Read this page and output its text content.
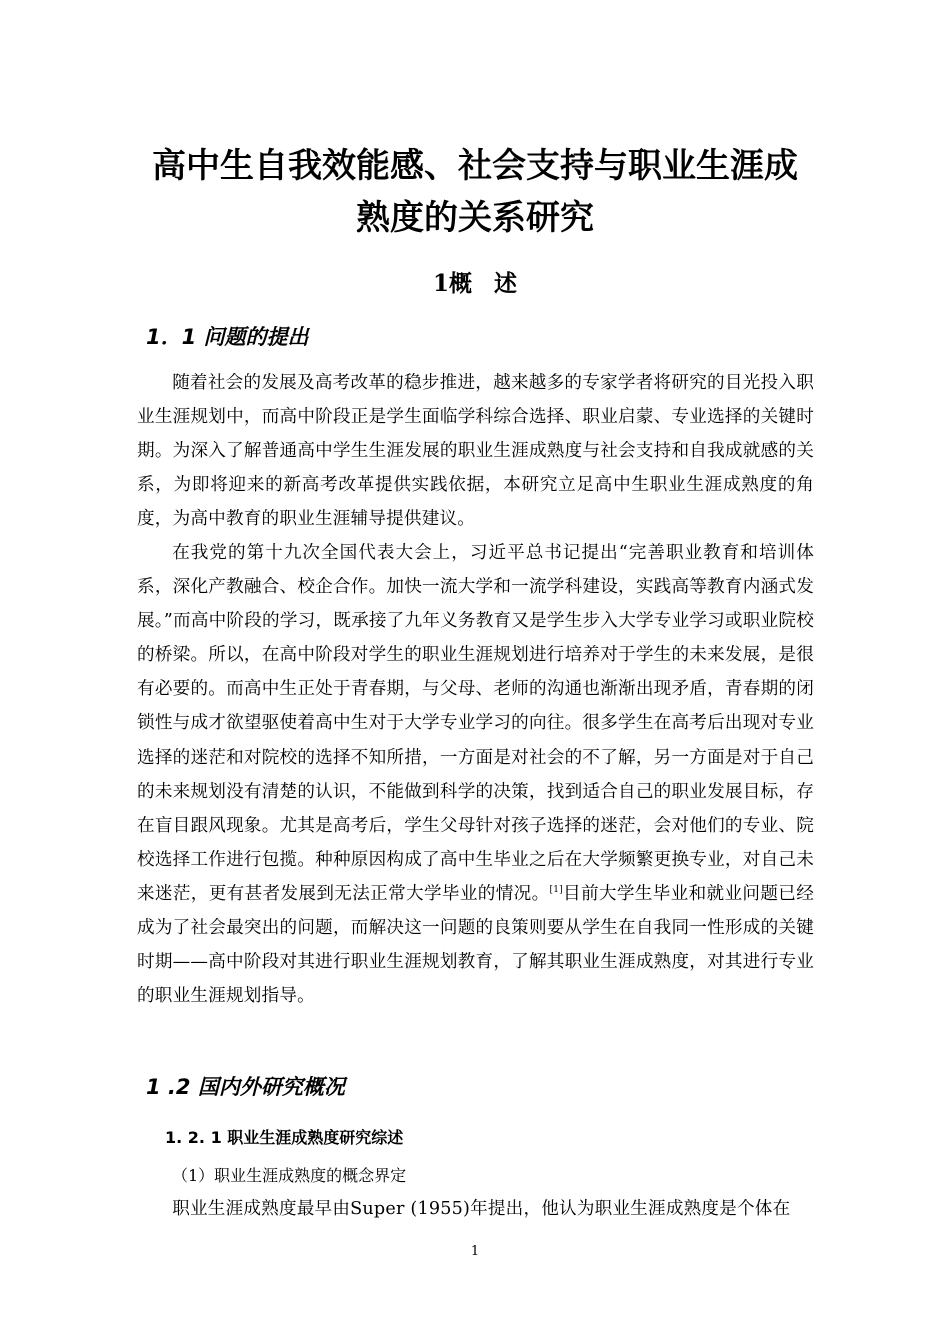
高中生自我效能感、社会支持与职业生涯成
熟度的关系研究
1概 述
1．1 问题的提出

随着社会的发展及高考改革的稳步推进，越来越多的专家学者将研究的目光投入职业生涯规划中，而高中阶段正是学生面临学科综合选择、职业启蒙、专业选择的关键时期。为深入了解普通高中学生生涯发展的职业生涯成熟度与社会支持和自我成就感的关系，为即将迎来的新高考改革提供实践依据，本研究立足高中生职业生涯成熟度的角度，为高中教育的职业生涯辅导提供建议。

在我党的第十九次全国代表大会上，习近平总书记提出“完善职业教育和培训体系，深化产教融合、校企合作。加快一流大学和一流学科建设，实践高等教育内涵式发展。”而高中阶段的学习，既承接了九年义务教育又是学生步入大学专业学习或职业院校的桥梁。所以，在高中阶段对学生的职业生涯规划进行培养对于学生的未来发展，是很有必要的。而高中生正处于青春期，与父母、老师的沟通也渐渐出现矛盾，青春期的闭锁性与成才欲望驱使着高中生对于大学专业学习的向往。很多学生在高考后出现对专业选择的迷茫和对院校的选择不知所措，一方面是对社会的不了解，另一方面是对于自己的未来规划没有清楚的认识，不能做到科学的决策，找到适合自己的职业发展目标，存在盲目跟风现象。尤其是高考后，学生父母针对孩子选择的迷茫，会对他们的专业、院校选择工作进行包揽。种种原因构成了高中生毕业之后在大学频繁更换专业，对自己未来迷茫，更有甚者发展到无法正常大学毕业的情况。[1]目前大学生毕业和就业问题已经成为了社会最突出的问题，而解决这一问题的良策则要从学生在自我同一性形成的关键时期——高中阶段对其进行职业生涯规划教育，了解其职业生涯成熟度，对其进行专业的职业生涯规划指导。

1 .2 国内外研究概况
1. 2. 1 职业生涯成熟度研究综述

（1）职业生涯成熟度的概念界定

职业生涯成熟度最早由Super (1955)年提出，他认为职业生涯成熟度是个体在

1
